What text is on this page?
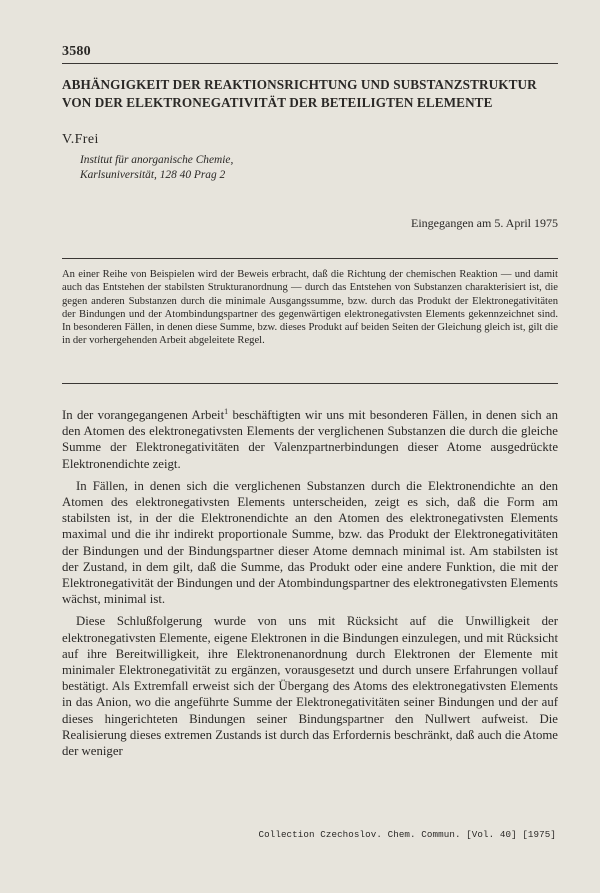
3580
ABHÄNGIGKEIT DER REAKTIONSRICHTUNG UND SUBSTANZSTRUKTUR
VON DER ELEKTRONEGATIVITÄT DER BETEILIGTEN ELEMENTE
V.Frei
Institut für anorganische Chemie,
Karlsuniversität, 128 40 Prag 2
Eingegangen am 5. April 1975

An einer Reihe von Beispielen wird der Beweis erbracht, daß die Richtung der chemischen Reaktion — und damit auch das Entstehen der stabilsten Strukturanordnung — durch das Entstehen von Substanzen charakterisiert ist, die gegen anderen Substanzen durch die minimale Ausgangssumme, bzw. durch das Produkt der Elektronegativitäten der Bindungen und der Atombindungspartner des gegenwärtigen elektronegativsten Elements gekennzeichnet sind. In besonderen Fällen, in denen diese Summe, bzw. dieses Produkt auf beiden Seiten der Gleichung gleich ist, gilt die in der vorhergehenden Arbeit abgeleitete Regel.

In der vorangegangenen Arbeit$^1$ beschäftigten wir uns mit besonderen Fällen, in denen sich an den Atomen des elektronegativsten Elements der verglichenen Substanzen die durch die gleiche Summe der Elektronegativitäten der Valenzpartnerbindungen dieser Atome ausgedrückte Elektronendichte zeigt.

In Fällen, in denen sich die verglichenen Substanzen durch die Elektronendichte an den Atomen des elektronegativsten Elements unterscheiden, zeigt es sich, daß die Form am stabilsten ist, in der die Elektronendichte an den Atomen des elektronegativsten Elements maximal und die ihr indirekt proportionale Summe, bzw. das Produkt der Elektronegativitäten der Bindungen und der Bindungspartner dieser Atome demnach minimal ist. Am stabilsten ist der Zustand, in dem gilt, daß die Summe, das Produkt oder eine andere Funktion, die mit der Elektronegativität der Bindungen und der Atombindungspartner des elektronegativsten Elements wächst, minimal ist.

Diese Schlußfolgerung wurde von uns mit Rücksicht auf die Unwilligkeit der elektronegativsten Elemente, eigene Elektronen in die Bindungen einzulegen, und mit Rücksicht auf ihre Bereitwilligkeit, ihre Elektronenanordnung durch Elektronen der Elemente mit minimaler Elektronegativität zu ergänzen, vorausgesetzt und durch unsere Erfahrungen vollauf bestätigt. Als Extremfall erweist sich der Übergang des Atoms des elektronegativsten Elements in das Anion, wo die angeführte Summe der Elektronegativitäten seiner Bindungen und der auf dieses hingerichteten Bindungen seiner Bindungspartner den Nullwert aufweist. Die Realisierung dieses extremen Zustands ist durch das Erfordernis beschränkt, daß auch die Atome der weniger

Collection Czechoslov. Chem. Commun. [Vol. 40] [1975]
